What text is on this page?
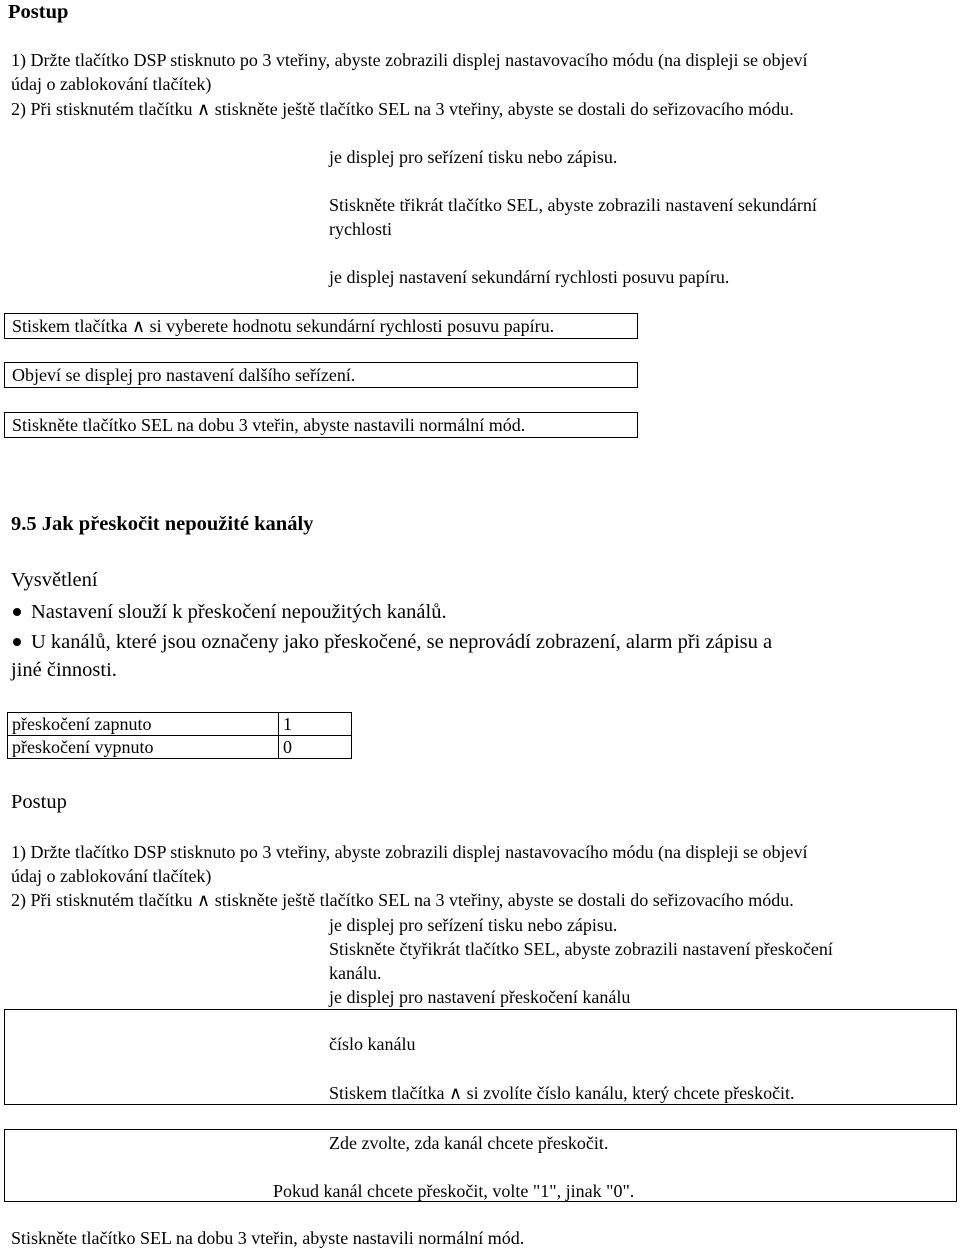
Postup
1) Držte tlačítko DSP stisknuto po 3 vteřiny, abyste zobrazili displej nastavovacího módu (na displeji se objeví
údaj o zablokování tlačítek)
2) Při stisknutém tlačítku ∧ stiskněte ještě tlačítko SEL na 3 vteřiny, abyste se dostali do seřizovacího módu.
je displej pro seřízení tisku nebo zápisu.
Stiskněte třikrát tlačítko SEL, abyste zobrazili nastavení sekundární
rychlosti
je displej nastavení sekundární rychlosti posuvu papíru.
Stiskem tlačítka ∧ si vyberete hodnotu sekundární rychlosti posuvu papíru.
Objeví se displej pro nastavení dalšího seřízení.
Stiskněte tlačítko SEL na dobu 3 vteřin, abyste nastavili normální mód.
9.5 Jak přeskočit nepoužité kanály
Vysvětlení
Nastavení slouží k přeskočení nepoužitých kanálů.
U kanálů, které jsou označeny jako přeskočené, se neprovádí zobrazení, alarm při zápisu a
jiné činnosti.
přeskočení zapnuto	1
přeskočení vypnuto	0
Postup
1) Držte tlačítko DSP stisknuto po 3 vteřiny, abyste zobrazili displej nastavovacího módu (na displeji se objeví
údaj o zablokování tlačítek)
2) Při stisknutém tlačítku ∧ stiskněte ještě tlačítko SEL na 3 vteřiny, abyste se dostali do seřizovacího módu.
je displej pro seřízení tisku nebo zápisu.
Stiskněte čtyřikrát tlačítko SEL, abyste zobrazili nastavení přeskočení
kanálu.
je displej pro nastavení přeskočení kanálu
číslo kanálu
Stiskem tlačítka ∧ si zvolíte číslo kanálu, který chcete přeskočit.
Zde zvolte, zda kanál chcete přeskočit.
Pokud kanál chcete přeskočit, volte "1", jinak "0".
Stiskněte tlačítko SEL na dobu 3 vteřin, abyste nastavili normální mód.
